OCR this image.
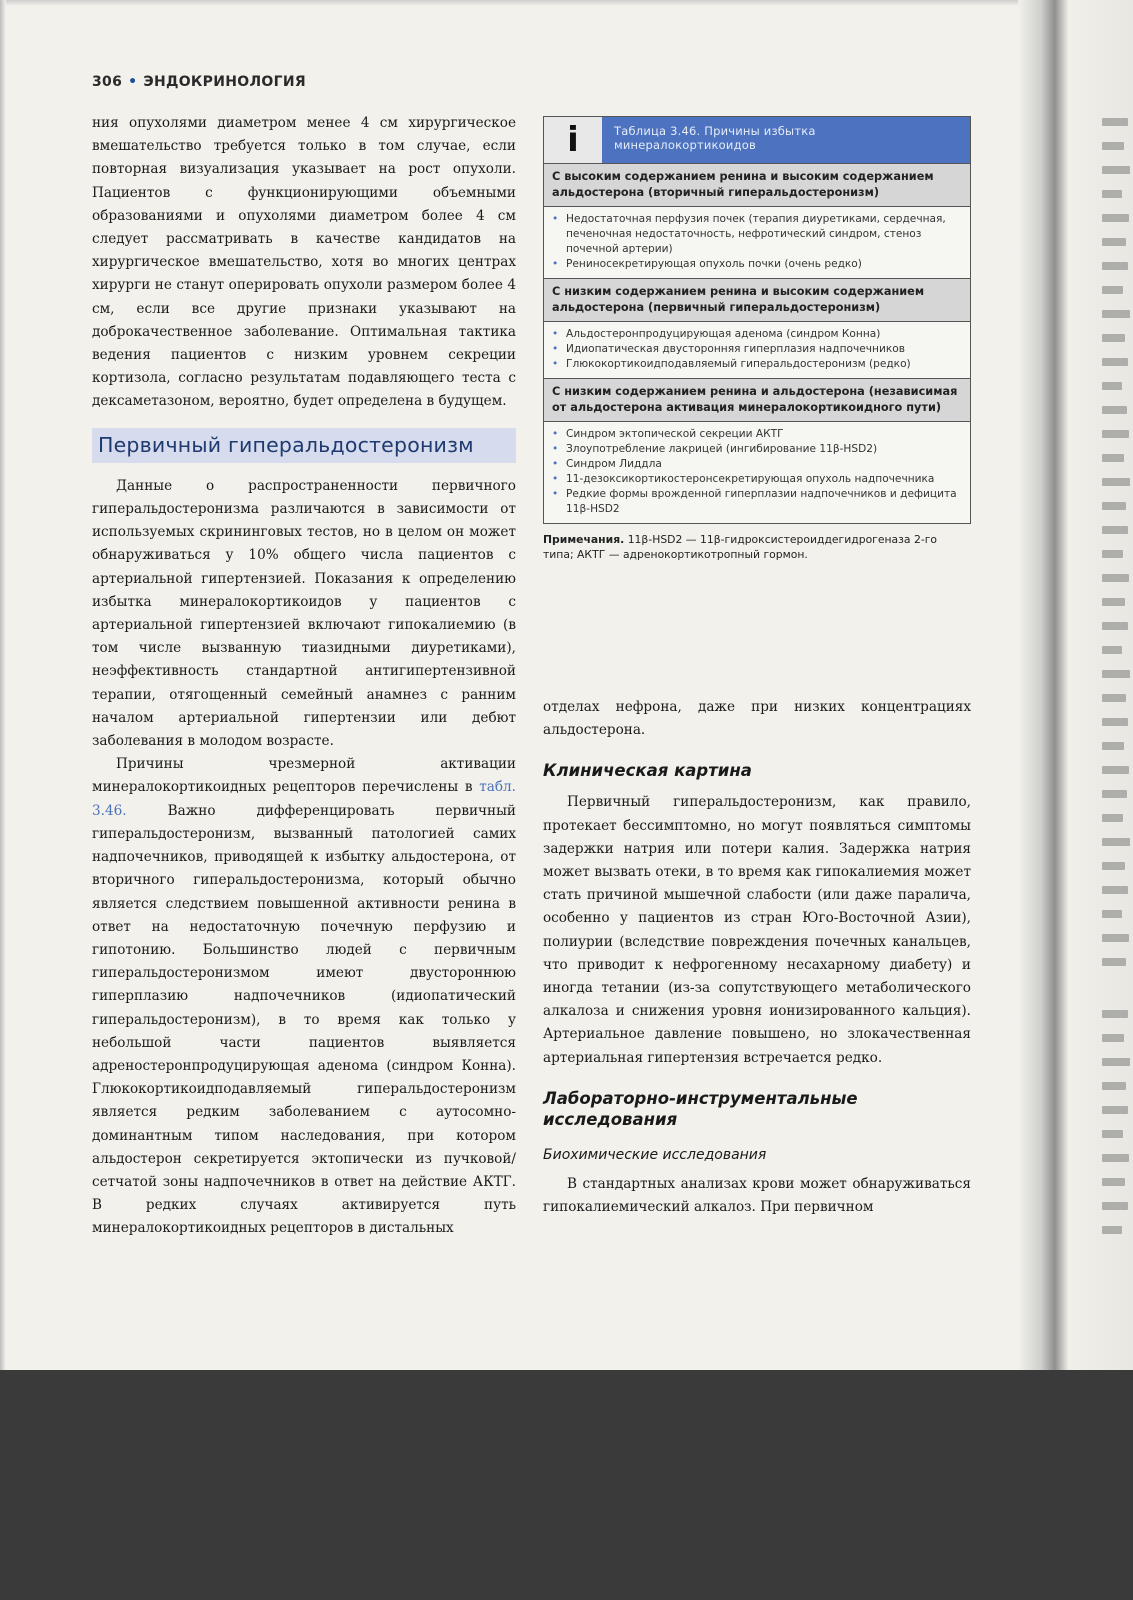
306 • ЭНДОКРИНОЛОГИЯ

ния опухолями диаметром менее 4 см хирургическое вмешательство требуется только в том случае, если повторная визуализация указывает на рост опухоли. Пациентов с функционирующими объемными образованиями и опухолями диаметром более 4 см следует рассматривать в качестве кандидатов на хирургическое вмешательство, хотя во многих центрах хирурги не станут оперировать опухоли размером более 4 см, если все другие признаки указывают на доброкачественное заболевание. Оптимальная тактика ведения пациентов с низким уровнем секреции кортизола, согласно результатам подавляющего теста с дексаметазоном, вероятно, будет определена в будущем.

Первичный гиперальдостеронизм

Данные о распространенности первичного гиперальдостеронизма различаются в зависимости от используемых скрининговых тестов, но в целом он может обнаруживаться у 10% общего числа пациентов с артериальной гипертензией. Показания к определению избытка минералокортикоидов у пациентов с артериальной гипертензией включают гипокалиемию (в том числе вызванную тиазидными диуретиками), неэффективность стандартной антигипертензивной терапии, отягощенный семейный анамнез с ранним началом артериальной гипертензии или дебют заболевания в молодом возрасте.

Причины чрезмерной активации минералокортикоидных рецепторов перечислены в табл. 3.46.	Важно дифференцировать первичный гиперальдостеронизм, вызванный патологией самих надпочечников, приводящей к избытку альдостерона, от вторичного гиперальдостеронизма, который обычно является следствием повышенной активности ренина в ответ на недостаточную почечную перфузию и гипотонию. Большинство людей с первичным гиперальдостеронизмом имеют двустороннюю гиперплазию надпочечников (идиопатический гиперальдостеронизм), в то время как только у небольшой части пациентов выявляется адреностеронпродуцирующая аденома (синдром Конна). Глюкокортикоидподавляемый гиперальдостеронизм является редким заболеванием с аутосомно-доминантным типом наследования, при котором альдостерон секретируется эктопически из пучковой/сетчатой зоны надпочечников в ответ на действие АКТГ. В редких случаях активируется путь минералокортикоидных рецепторов в дистальных

i	Таблица 3.46. Причины избытка минералокортикоидов
С высоким содержанием ренина и высоким содержанием альдостерона (вторичный гиперальдостеронизм)
• Недостаточная перфузия почек (терапия диуретиками, сердечная, печеночная недостаточность, нефротический синдром, стеноз почечной артерии)
• Рениносекретирующая опухоль почки (очень редко)
С низким содержанием ренина и высоким содержанием альдостерона (первичный гиперальдостеронизм)
• Альдостеронпродуцирующая аденома (синдром Конна)
• Идиопатическая двусторонняя гиперплазия надпочечников
• Глюкокортикоидподавляемый гиперальдостеронизм (редко)
С низким содержанием ренина и альдостерона (независимая от альдостерона активация минералокортикоидного пути)
• Синдром эктопической секреции АКТГ
• Злоупотребление лакрицей (ингибирование 11β-HSD2)
• Синдром Лиддла
• 11-дезоксикортикостеронсекретирующая опухоль надпочечника
• Редкие формы врожденной гиперплазии надпочечников и дефицита 11β-HSD2
Примечания. 11β-HSD2 — 11β-гидроксистероиддегидрогеназа 2-го типа; АКТГ — адренокортикотропный гормон.

отделах нефрона, даже при низких концентрациях альдостерона.

Клиническая картина

Первичный гиперальдостеронизм, как правило, протекает бессимптомно, но могут появляться симптомы задержки натрия или потери калия. Задержка натрия может вызвать отеки, в то время как гипокалиемия может стать причиной мышечной слабости (или даже паралича, особенно у пациентов из стран Юго-Восточной Азии), полиурии (вследствие повреждения почечных канальцев, что приводит к нефрогенному несахарному диабету) и иногда тетании (из-за сопутствующего метаболического алкалоза и снижения уровня ионизированного кальция). Артериальное давление повышено, но злокачественная артериальная гипертензия встречается редко.

Лабораторно-инструментальные исследования
Биохимические исследования

В стандартных анализах крови может обнаруживаться гипокалиемический алкалоз. При первичном
